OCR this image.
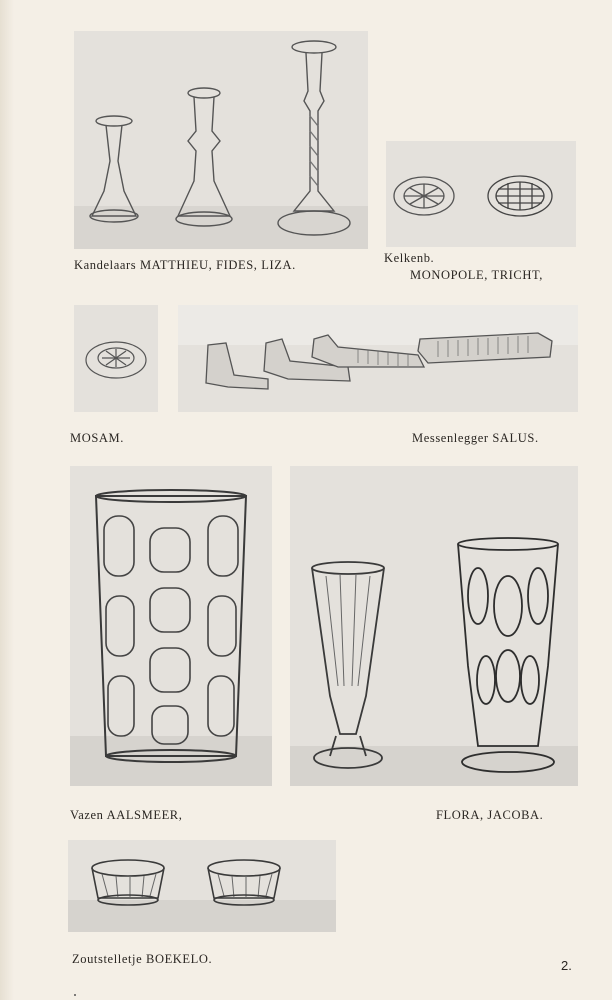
Kandelaars MATTHIEU, FIDES, LIZA.	Kelkenb.
MONOPOLE, TRICHT,
MOSAM.	Messenlegger SALUS.
Vazen AALSMEER,	FLORA, JACOBA.
Zoutstelletje BOEKELO.	2.
